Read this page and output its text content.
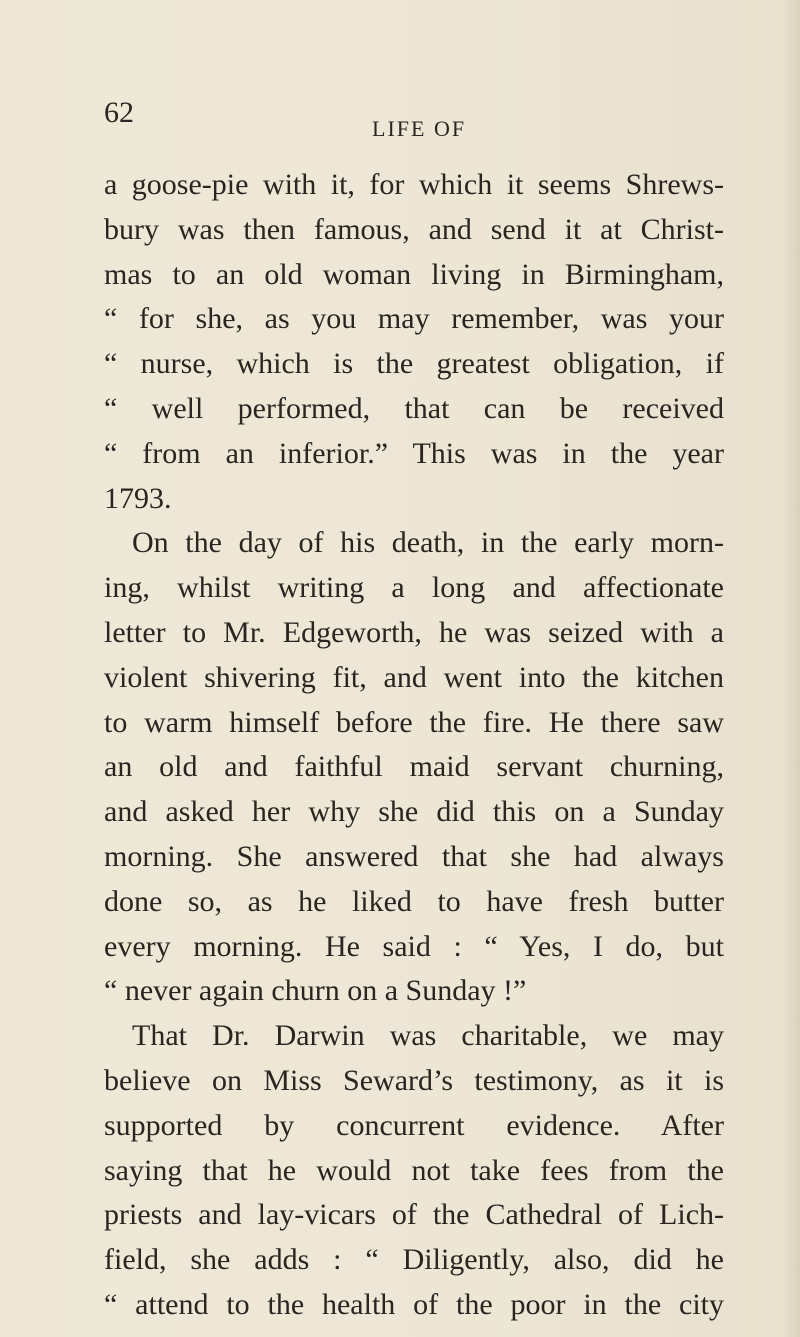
62	LIFE OF
a goose-pie with it, for which it seems Shrews-
bury was then famous, and send it at Christ-
mas to an old woman living in Birmingham,
“ for she, as you may remember, was your
“ nurse, which is the greatest obligation, if
“ well performed, that can be received
“ from an inferior.” This was in the year
1793.
On the day of his death, in the early morn-
ing, whilst writing a long and affectionate
letter to Mr. Edgeworth, he was seized with a
violent shivering fit, and went into the kitchen
to warm himself before the fire. He there saw
an old and faithful maid servant churning,
and asked her why she did this on a Sunday
morning. She answered that she had always
done so, as he liked to have fresh butter
every morning. He said : “ Yes, I do, but
“ never again churn on a Sunday !”
That Dr. Darwin was charitable, we may
believe on Miss Seward’s testimony, as it is
supported by concurrent evidence. After
saying that he would not take fees from the
priests and lay-vicars of the Cathedral of Lich-
field, she adds : “ Diligently, also, did he
“ attend to the health of the poor in the city
